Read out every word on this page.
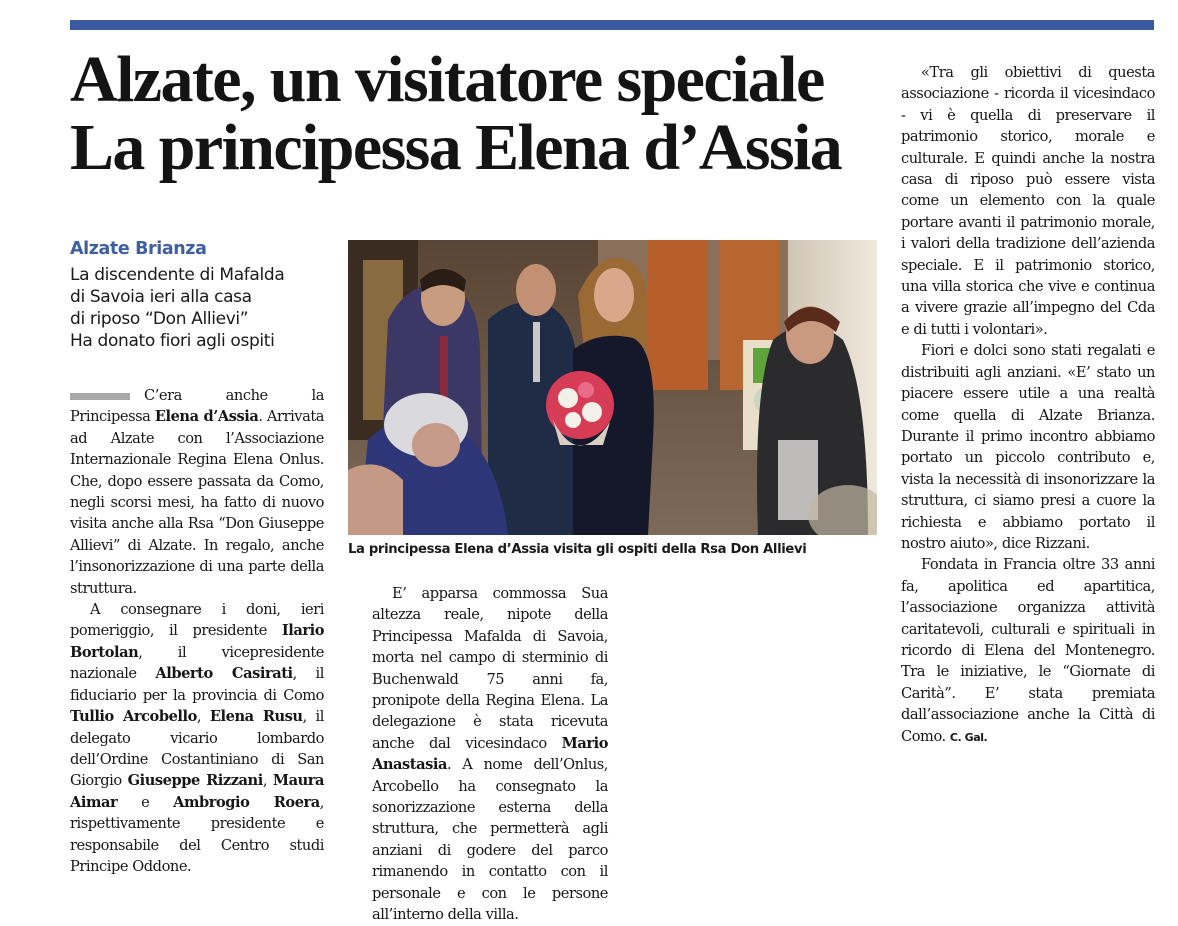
Alzate, un visitatore speciale
La principessa Elena d’Assia
Alzate Brianza
La discendente di Mafalda
di Savoia ieri alla casa
di riposo “Don Allievi”
Ha donato fiori agli ospiti
La principessa Elena d’Assia visita gli ospiti della Rsa Don Allievi

C’era anche la Principessa Elena d’Assia. Arrivata ad Alzate con l’Associazione Internazionale Regina Elena Onlus. Che, dopo essere passata da Como, negli scorsi mesi, ha fatto di nuovo visita anche alla Rsa “Don Giuseppe Allievi” di Alzate. In regalo, anche l’insonorizzazione di una parte della struttura.

A consegnare i doni, ieri pomeriggio, il presidente Ilario Bortolan, il vicepresidente nazionale Alberto Casirati, il fiduciario per la provincia di Como Tullio Arcobello, Elena Rusu, il delegato vicario lombardo dell’Ordine Costantiniano di San Giorgio Giuseppe Rizzani, Maura Aimar e Ambrogio Roera, rispettivamente presidente e responsabile del Centro studi Principe Oddone.

E’ apparsa commossa Sua altezza reale, nipote della Principessa Mafalda di Savoia, morta nel campo di sterminio di Buchenwald 75 anni fa, pronipote della Regina Elena. La delegazione è stata ricevuta anche dal vicesindaco Mario Anastasia. A nome dell’Onlus, Arcobello ha consegnato la sonorizzazione esterna della struttura, che permetterà agli anziani di godere del parco rimanendo in contatto con il personale e con le persone all’interno della villa.

«Tra gli obiettivi di questa associazione - ricorda il vicesindaco - vi è quella di preservare il patrimonio storico, morale e culturale. E quindi anche la nostra casa di riposo può essere vista come un elemento con la quale portare avanti il patrimonio morale, i valori della tradizione dell’azienda speciale. E il patrimonio storico, una villa storica che vive e continua a vivere grazie all’impegno del Cda e di tutti i volontari».

Fiori e dolci sono stati regalati e distribuiti agli anziani. «E’ stato un piacere essere utile a una realtà come quella di Alzate Brianza. Durante il primo incontro abbiamo portato un piccolo contributo e, vista la necessità di insonorizzare la struttura, ci siamo presi a cuore la richiesta e abbiamo portato il nostro aiuto», dice Rizzani.

Fondata in Francia oltre 33 anni fa, apolitica ed apartitica, l’associazione organizza attività caritatevoli, culturali e spirituali in ricordo di Elena del Montenegro. Tra le iniziative, le “Giornate di Carità”. E’ stata premiata dall’associazione anche la Città di Como. C. Gal.
